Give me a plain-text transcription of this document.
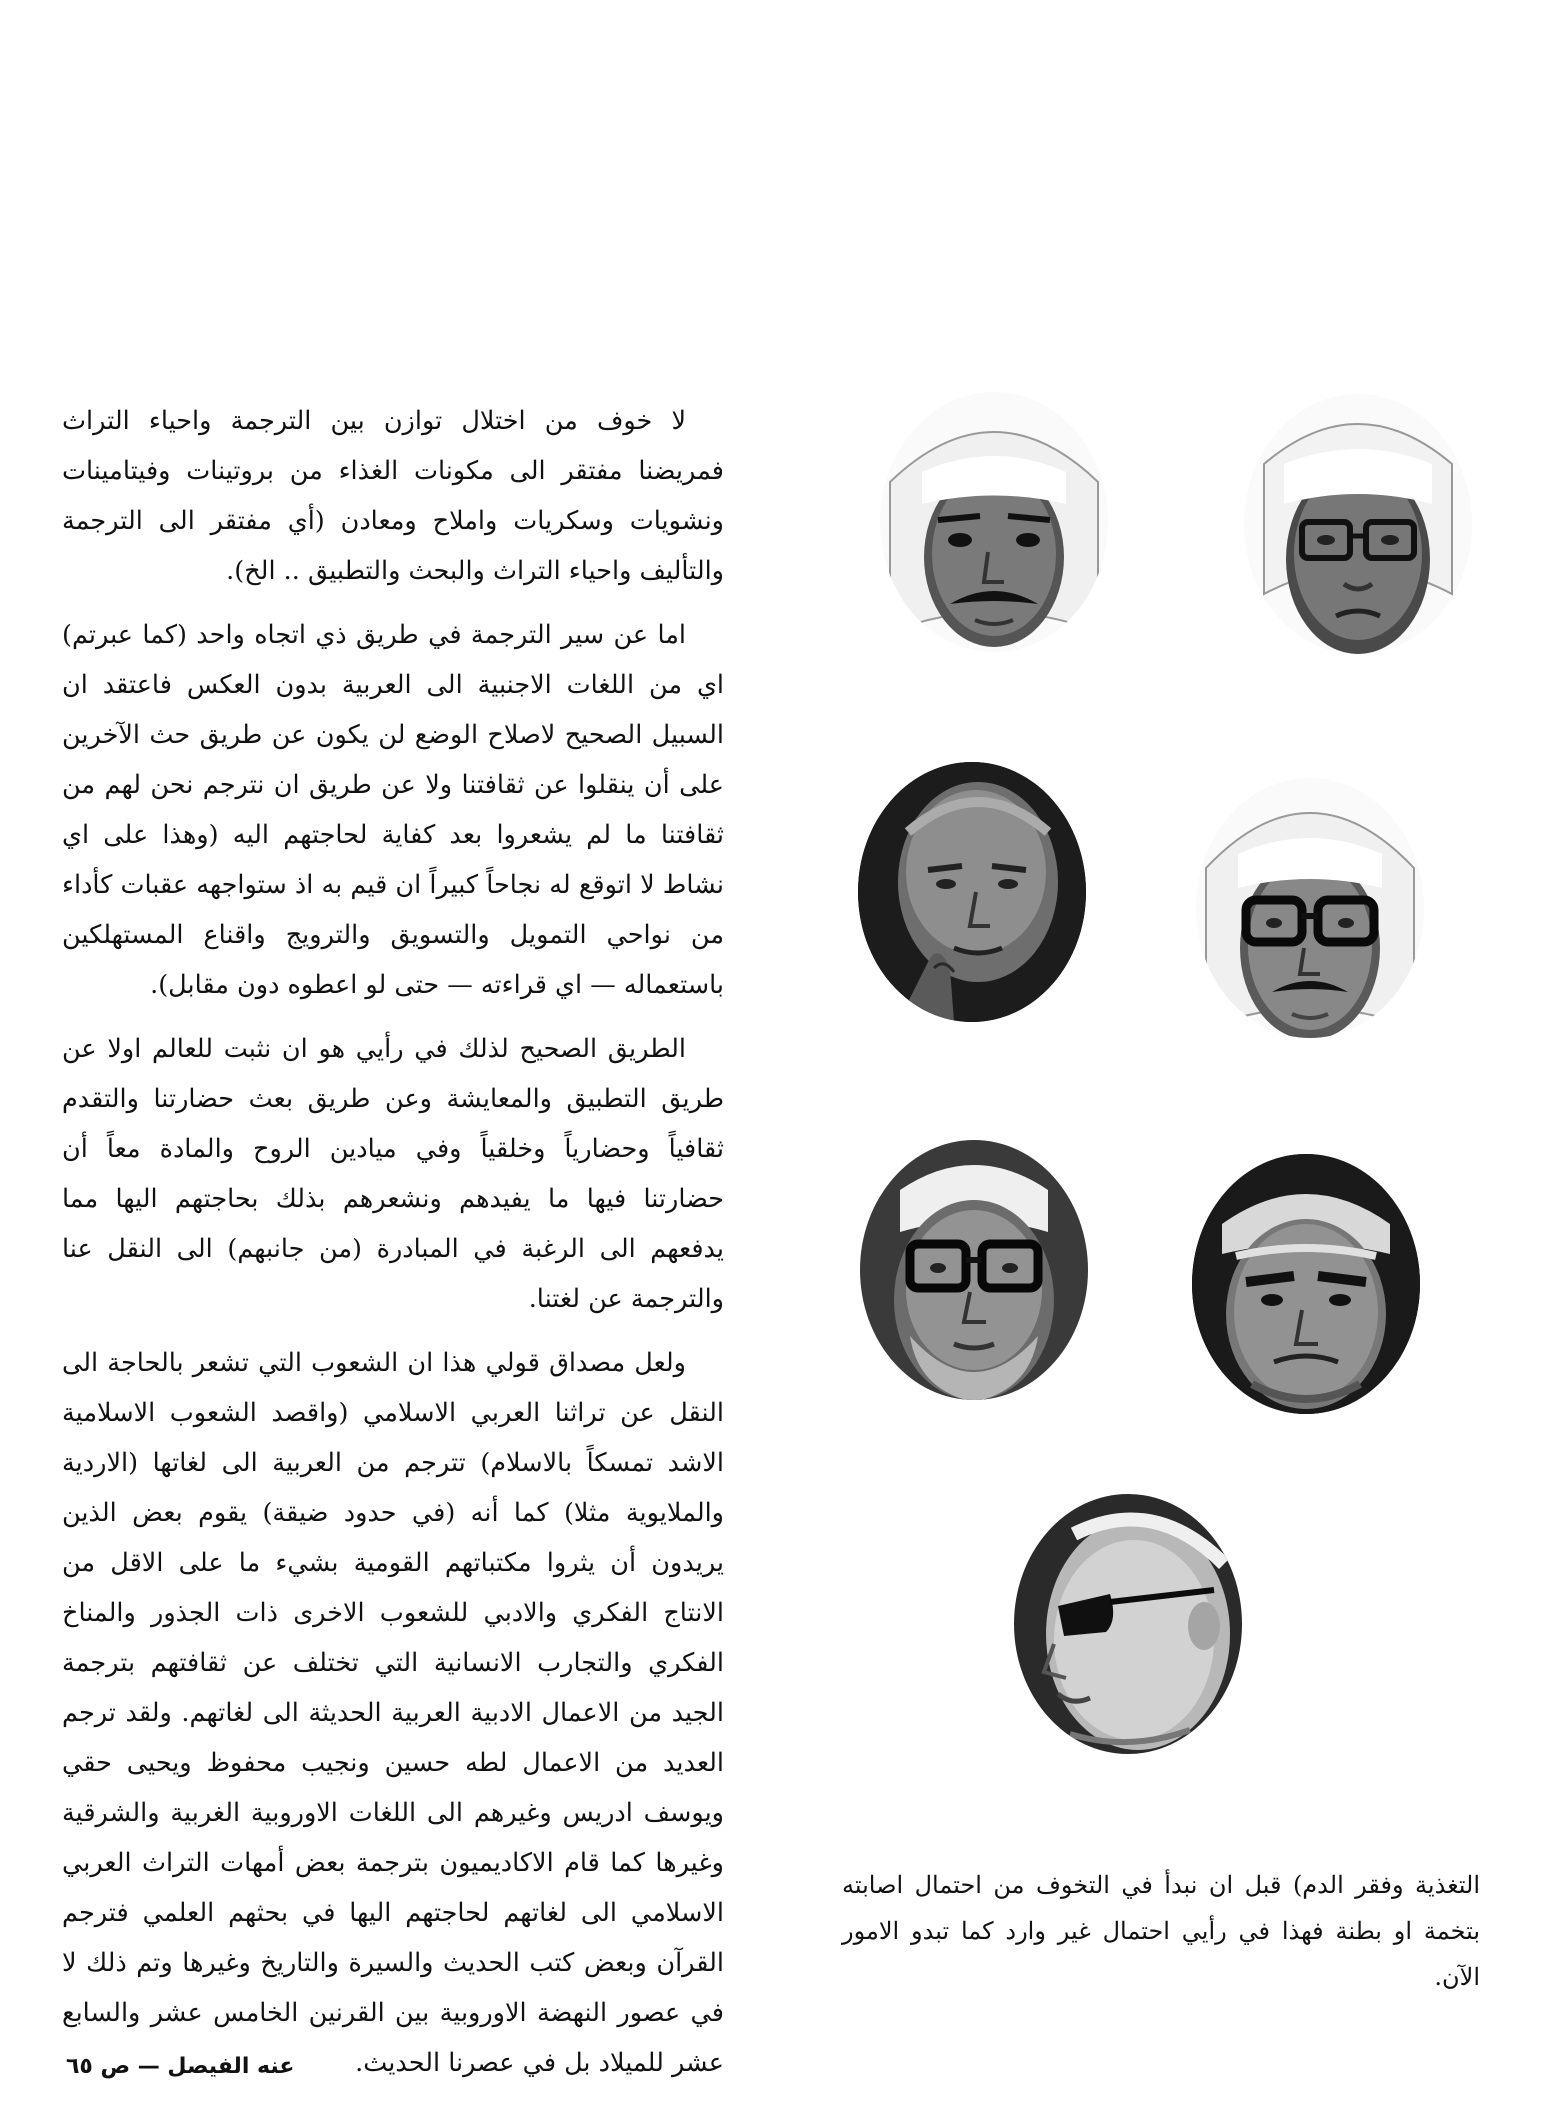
لا خوف من اختلال توازن بين الترجمة واحياء التراث فمريضنا مفتقر الى مكونات الغذاء من بروتينات وفيتامينات ونشويات وسكريات واملاح ومعادن (أي مفتقر الى الترجمة والتأليف واحياء التراث والبحث والتطبيق .. الخ).

اما عن سير الترجمة في طريق ذي اتجاه واحد (كما عبرتم) اي من اللغات الاجنبية الى العربية بدون العكس فاعتقد ان السبيل الصحيح لاصلاح الوضع لن يكون عن طريق حث الآخرين على أن ينقلوا عن ثقافتنا ولا عن طريق ان نترجم نحن لهم من ثقافتنا ما لم يشعروا بعد كفاية لحاجتهم اليه (وهذا على اي نشاط لا اتوقع له نجاحاً كبيراً ان قيم به اذ ستواجهه عقبات كأداء من نواحي التمويل والتسويق والترويج واقناع المستهلكين باستعماله — اي قراءته — حتى لو اعطوه دون مقابل).

الطريق الصحيح لذلك في رأيي هو ان نثبت للعالم اولا عن طريق التطبيق والمعايشة وعن طريق بعث حضارتنا والتقدم ثقافياً وحضارياً وخلقياً وفي ميادين الروح والمادة معاً أن حضارتنا فيها ما يفيدهم ونشعرهم بذلك بحاجتهم اليها مما يدفعهم الى الرغبة في المبادرة (من جانبهم) الى النقل عنا والترجمة عن لغتنا.

ولعل مصداق قولي هذا ان الشعوب التي تشعر بالحاجة الى النقل عن تراثنا العربي الاسلامي (واقصد الشعوب الاسلامية الاشد تمسكاً بالاسلام) تترجم من العربية الى لغاتها (الاردية والملايوية مثلا) كما أنه (في حدود ضيقة) يقوم بعض الذين يريدون أن يثروا مكتباتهم القومية بشيء ما على الاقل من الانتاج الفكري والادبي للشعوب الاخرى ذات الجذور والمناخ الفكري والتجارب الانسانية التي تختلف عن ثقافتهم بترجمة الجيد من الاعمال الادبية العربية الحديثة الى لغاتهم. ولقد ترجم العديد من الاعمال لطه حسين ونجيب محفوظ ويحيى حقي ويوسف ادريس وغيرهم الى اللغات الاوروبية الغربية والشرقية وغيرها كما قام الاكاديميون بترجمة بعض أمهات التراث العربي الاسلامي الى لغاتهم لحاجتهم اليها في بحثهم العلمي فترجم القرآن وبعض كتب الحديث والسيرة والتاريخ وغيرها وتم ذلك لا في عصور النهضة الاوروبية بين القرنين الخامس عشر والسابع عشر للميلاد بل في عصرنا الحديث.

التغذية وفقر الدم) قبل ان نبدأ في التخوف من احتمال اصابته بتخمة او بطنة فهذا في رأيي احتمال غير وارد كما تبدو الامور الآن.
عنه الفيصل — ص ٦٥
